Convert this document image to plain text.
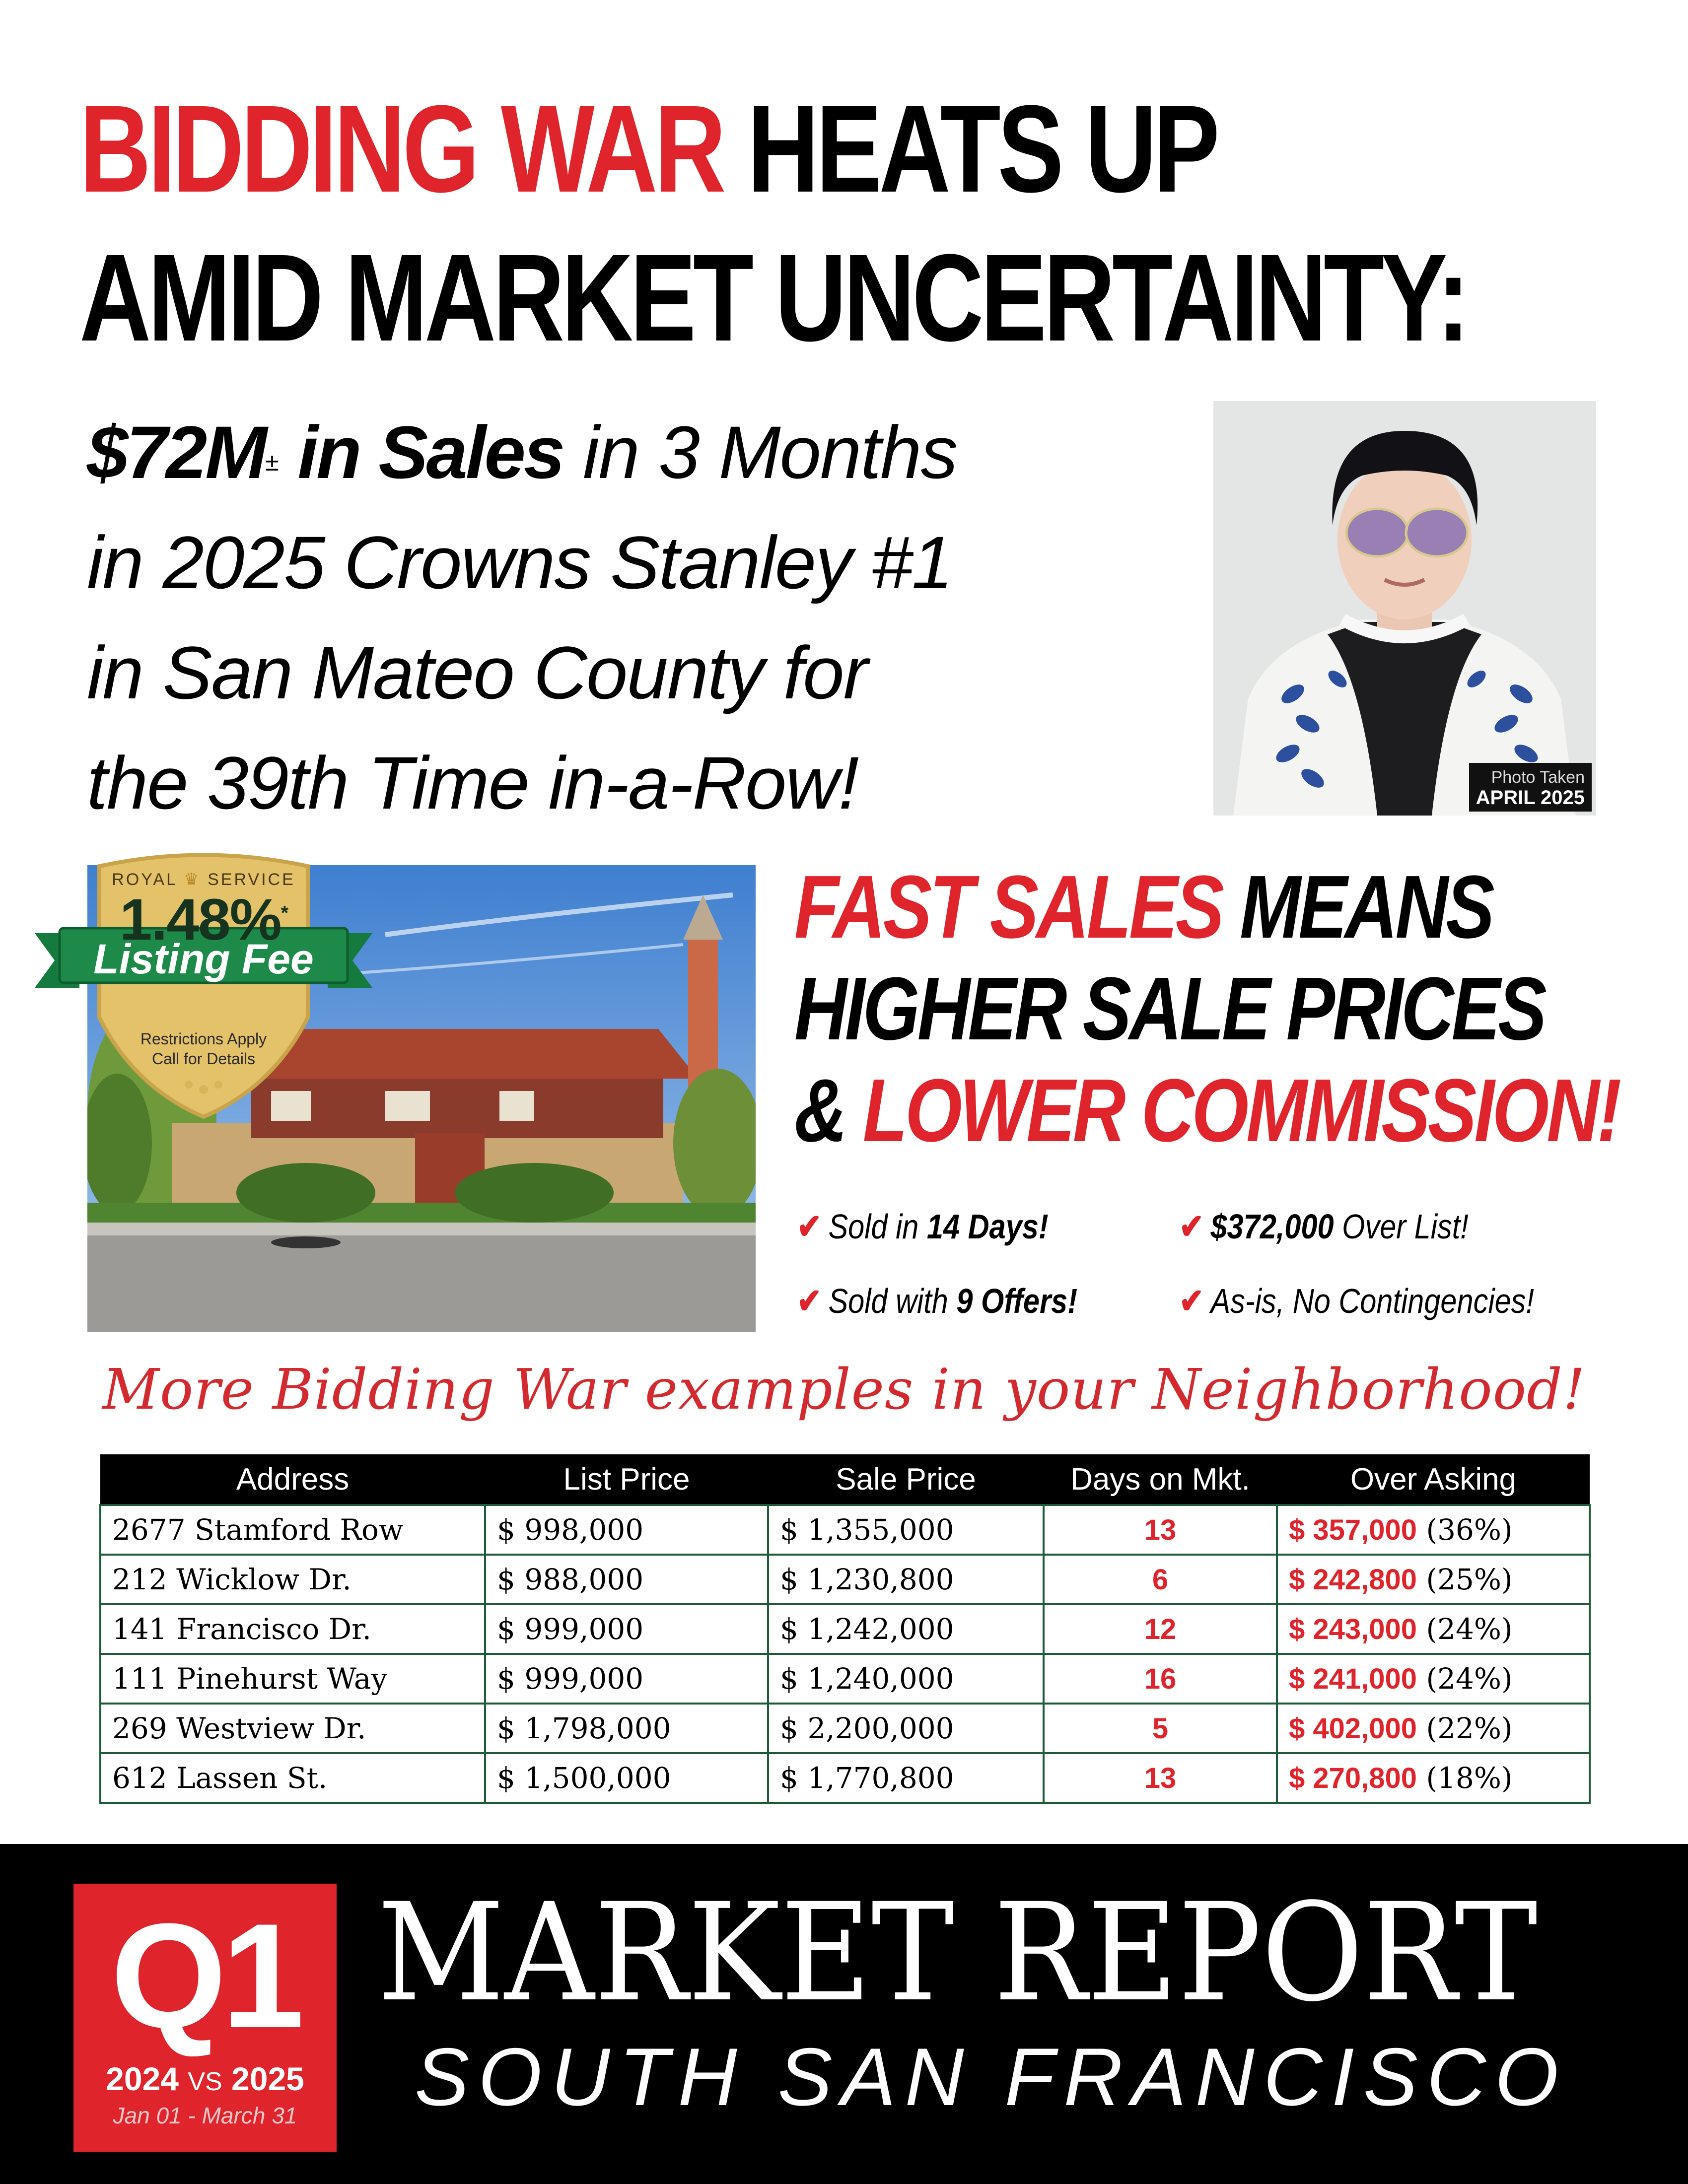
BIDDING WAR HEATS UP
AMID MARKET UNCERTAINTY:
$72M± in Sales in 3 Months
in 2025 Crowns Stanley #1
in San Mateo County for
the 39th Time in-a-Row!	Photo Taken
APRIL 2025
ROYAL ♛ SERVICE
1.48%*
Listing Fee
Restrictions Apply
Call for Details
FAST SALES MEANS
HIGHER SALE PRICES
& LOWER COMMISSION!
✔ Sold in 14 Days!	✔ $372,000 Over List!
✔ Sold with 9 Offers!	✔ As-is, No Contingencies!
More Bidding War examples in your Neighborhood!
Address	List Price	Sale Price	Days on Mkt.	Over Asking
2677 Stamford Row	$ 998,000	$ 1,355,000	13	$ 357,000 (36%)
212 Wicklow Dr.	$ 988,000	$ 1,230,800	6	$ 242,800 (25%)
141 Francisco Dr.	$ 999,000	$ 1,242,000	12	$ 243,000 (24%)
111 Pinehurst Way	$ 999,000	$ 1,240,000	16	$ 241,000 (24%)
269 Westview Dr.	$ 1,798,000	$ 2,200,000	5	$ 402,000 (22%)
612 Lassen St.	$ 1,500,000	$ 1,770,800	13	$ 270,800 (18%)
Q1
2024 VS 2025
Jan 01 - March 31
MARKET REPORT
SOUTH SAN FRANCISCO
